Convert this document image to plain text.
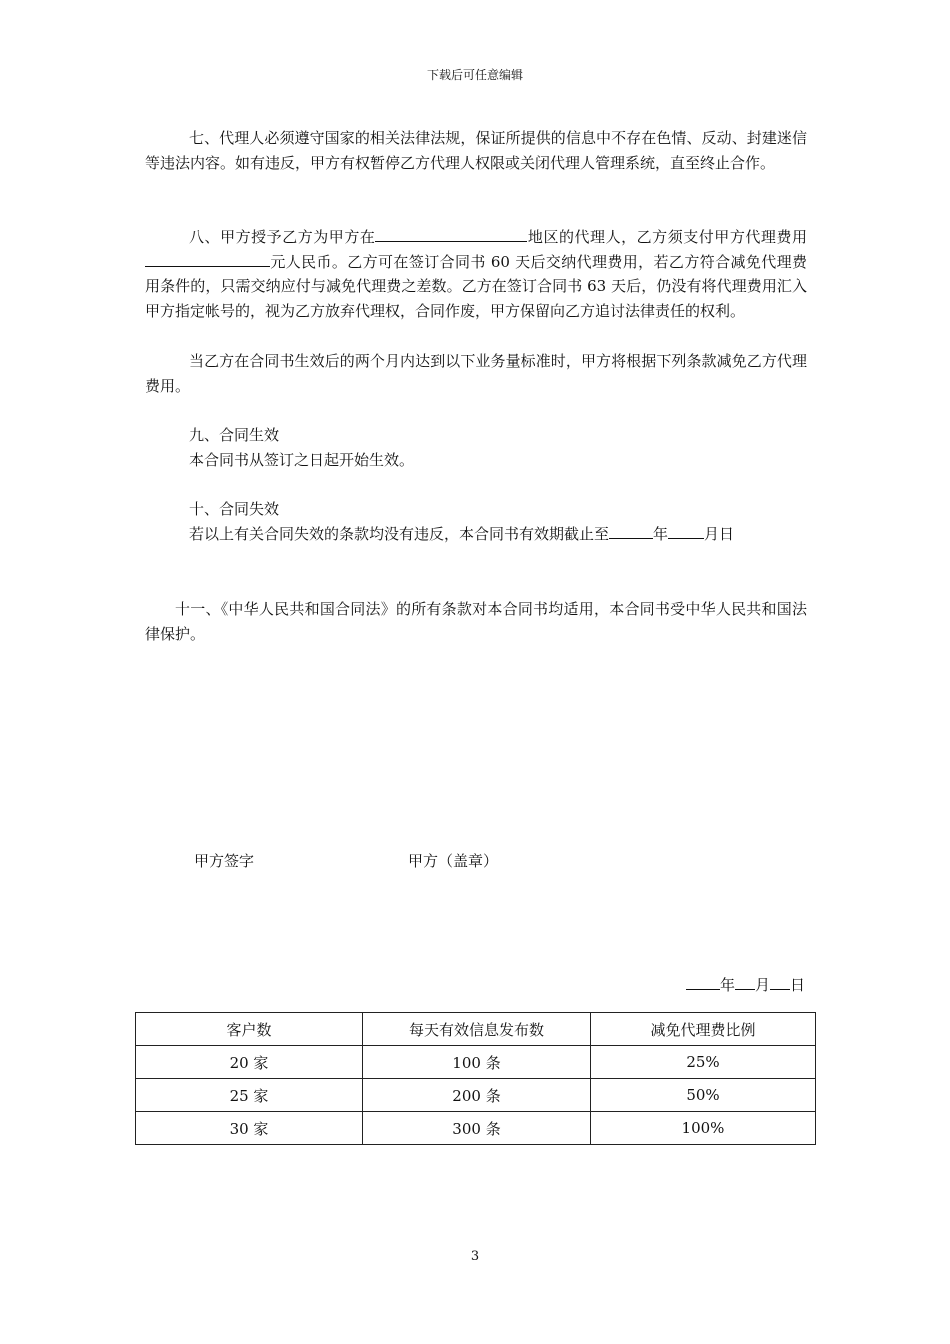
下载后可任意编辑

七、代理人必须遵守国家的相关法律法规，保证所提供的信息中不存在色情、反动、封建迷信等违法内容。如有违反，甲方有权暂停乙方代理人权限或关闭代理人管理系统，直至终止合作。

八、甲方授予乙方为甲方在	地区的代理人，乙方须支付甲方代理费用元人民币。乙方可在签订合同书 60 天后交纳代理费用，若乙方符合减免代理费用条件的，只需交纳应付与减免代理费之差数。乙方在签订合同书 63 天后，仍没有将代理费用汇入甲方指定帐号的，视为乙方放弃代理权，合同作废，甲方保留向乙方追讨法律责任的权利。

当乙方在合同书生效后的两个月内达到以下业务量标准时，甲方将根据下列条款减免乙方代理费用。

九、合同生效

本合同书从签订之日起开始生效。

十、合同失效

若以上有关合同失效的条款均没有违反，本合同书有效期截止至	年 月日

十一、《中华人民共和国合同法》的所有条款对本合同书均适用，本合同书受中华人民共和国法律保护。

甲方签字	甲方（盖章）
年 月 日
客户数	每天有效信息发布数	减免代理费比例
20 家	100 条	25%
25 家	200 条	50%
30 家	300 条	100%
3
